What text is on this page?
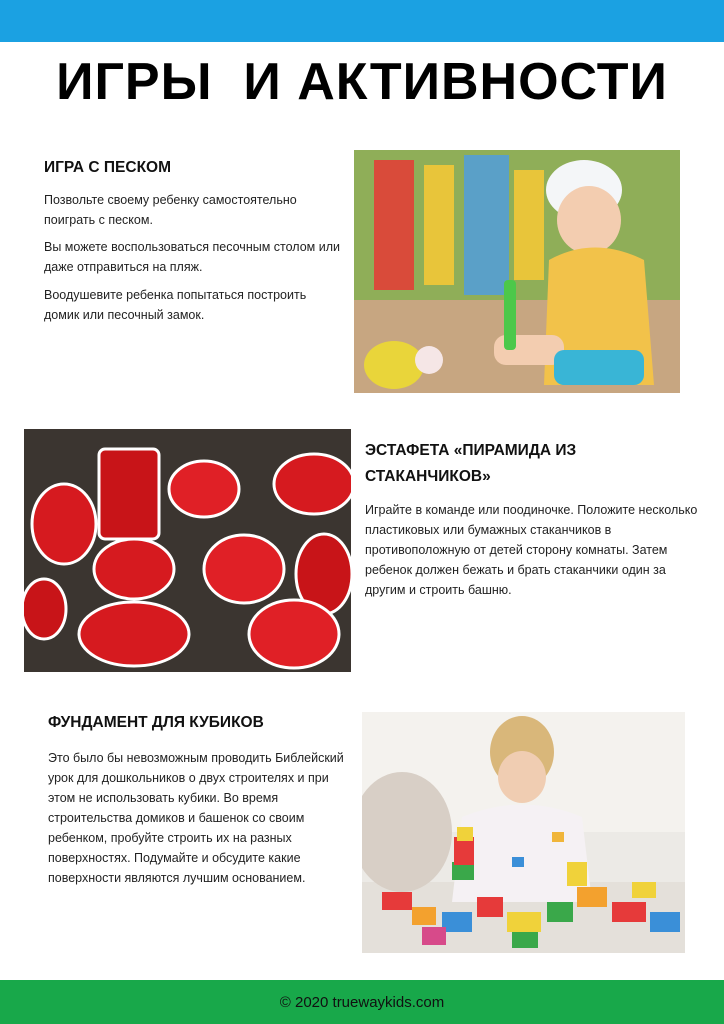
ИГРЫ  И АКТИВНОСТИ
ИГРА С ПЕСКОМ

Позвольте своему ребенку самостоятельно поиграть с песком.

Вы можете воспользоваться песочным столом или даже отправиться на пляж.

Воодушевите ребенка попытаться построить домик или песочный замок.

ЭСТАФЕТА «ПИРАМИДА ИЗ
СТАКАНЧИКОВ»

Играйте в команде или поодиночке. Положите несколько пластиковых или бумажных стаканчиков в противоположную от детей сторону комнаты. Затем ребенок должен бежать и брать стаканчики один за другим и строить башню.

ФУНДАМЕНТ ДЛЯ КУБИКОВ

Это было бы невозможным проводить Библейский урок для дошкольников о двух строителях и при этом не использовать кубики. Во время строительства домиков и башенок со своим ребенком, пробуйте строить их на разных поверхностях. Подумайте и обсудите какие поверхности являются лучшим основанием.

© 2020 truewaykids.com
